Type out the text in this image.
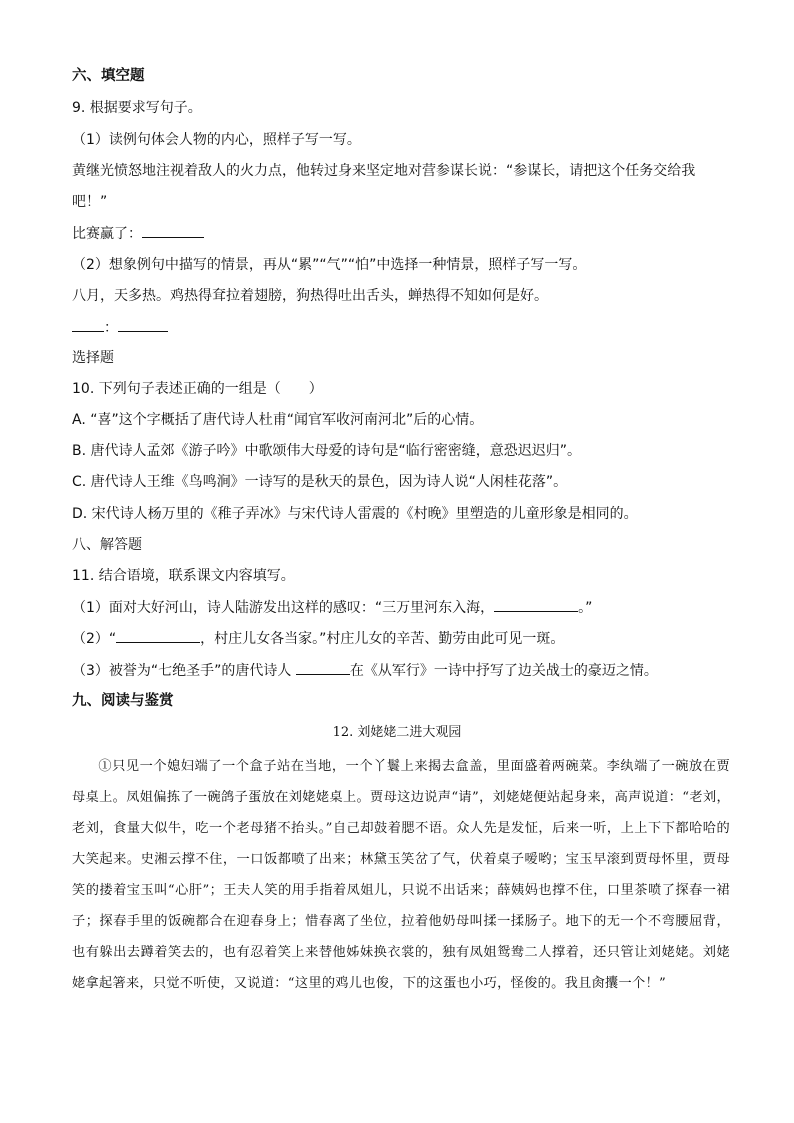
六、填空题
9. 根据要求写句子。
（1）读例句体会人物的内心，照样子写一写。
黄继光愤怒地注视着敌人的火力点，他转过身来坚定地对营参谋长说：“参谋长，请把这个任务交给我
吧！”
比赛赢了：
（2）想象例句中描写的情景，再从“累”“气”“怕”中选择一种情景，照样子写一写。
八月，天多热。鸡热得耷拉着翅膀，狗热得吐出舌头，蝉热得不知如何是好。
：
选择题
10. 下列句子表述正确的一组是（　　）
A. “喜”这个字概括了唐代诗人杜甫“闻官军收河南河北”后的心情。
B. 唐代诗人孟郊《游子吟》中歌颂伟大母爱的诗句是“临行密密缝，意恐迟迟归”。
C. 唐代诗人王维《鸟鸣涧》一诗写的是秋天的景色，因为诗人说“人闲桂花落”。
D. 宋代诗人杨万里的《稚子弄冰》与宋代诗人雷震的《村晚》里塑造的儿童形象是相同的。
八、解答题
11. 结合语境，联系课文内容填写。
（1）面对大好河山，诗人陆游发出这样的感叹：“三万里河东入海，	。”
（2）“	，村庄儿女各当家。”村庄儿女的辛苦、勤劳由此可见一斑。
（3）被誉为“七绝圣手”的唐代诗人	在《从军行》一诗中抒写了边关战士的豪迈之情。
九、阅读与鉴赏
12. 刘姥姥二进大观园
①只见一个媳妇端了一个盒子站在当地，一个丫鬟上来揭去盒盖，里面盛着两碗菜。李纨端了一碗放在贾母桌上。凤姐偏拣了一碗鸽子蛋放在刘姥姥桌上。贾母这边说声“请”，刘姥姥便站起身来，高声说道：“老刘，老刘，食量大似牛，吃一个老母猪不抬头。”自己却鼓着腮不语。众人先是发怔，后来一听，上上下下都哈哈的大笑起来。史湘云撑不住，一口饭都喷了出来；林黛玉笑岔了气，伏着桌子嗳哟；宝玉早滚到贾母怀里，贾母笑的搂着宝玉叫“心肝”；王夫人笑的用手指着凤姐儿，只说不出话来；薛姨妈也撑不住，口里茶喷了探春一裙子；探春手里的饭碗都合在迎春身上；惜春离了坐位，拉着他奶母叫揉一揉肠子。地下的无一个不弯腰屈背，也有躲出去蹲着笑去的，也有忍着笑上来替他姊妹换衣裳的，独有凤姐鸳鸯二人撑着，还只管让刘姥姥。刘姥姥拿起箸来，只觉不听使，又说道：“这里的鸡儿也俊，下的这蛋也小巧，怪俊的。我且肏攮一个！”
